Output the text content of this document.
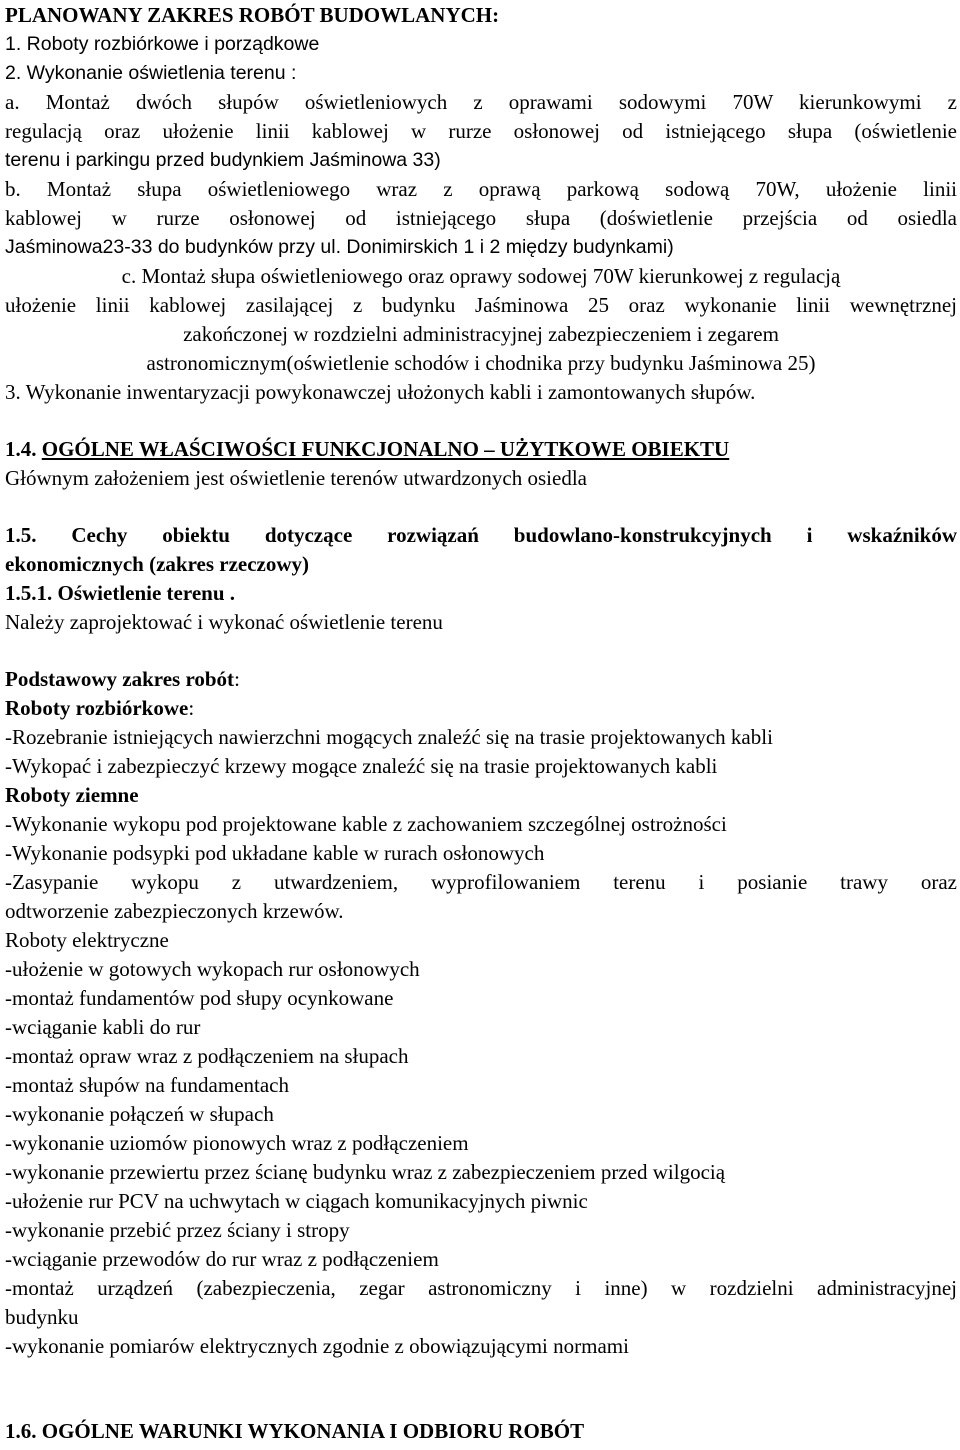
PLANOWANY ZAKRES ROBÓT BUDOWLANYCH:
1. Roboty rozbiórkowe i porządkowe
2. Wykonanie oświetlenia terenu :
a. Montaż dwóch słupów oświetleniowych z oprawami sodowymi 70W kierunkowymi z
regulacją oraz ułożenie linii kablowej w rurze osłonowej od istniejącego słupa (oświetlenie
terenu i parkingu przed budynkiem Jaśminowa 33)
b. Montaż słupa oświetleniowego wraz z oprawą parkową sodową 70W, ułożenie linii
kablowej w rurze osłonowej od istniejącego słupa (doświetlenie przejścia od osiedla
Jaśminowa23-33 do budynków przy ul. Donimirskich 1 i 2 między budynkami)
c. Montaż słupa oświetleniowego oraz oprawy sodowej 70W kierunkowej z regulacją
ułożenie linii kablowej zasilającej z budynku Jaśminowa 25 oraz wykonanie linii wewnętrznej
zakończonej w rozdzielni administracyjnej zabezpieczeniem i zegarem
astronomicznym(oświetlenie schodów i chodnika przy budynku Jaśminowa 25)
3. Wykonanie inwentaryzacji powykonawczej ułożonych kabli i zamontowanych słupów.
1.4. OGÓLNE WŁAŚCIWOŚCI FUNKCJONALNO – UŻYTKOWE OBIEKTU
Głównym założeniem jest oświetlenie terenów utwardzonych osiedla
1.5. Cechy obiektu dotyczące rozwiązań budowlano-konstrukcyjnych i wskaźników
ekonomicznych (zakres rzeczowy)
1.5.1. Oświetlenie terenu .
Należy zaprojektować i wykonać oświetlenie terenu
Podstawowy zakres robót:
Roboty rozbiórkowe:
-Rozebranie istniejących nawierzchni mogących znaleźć się na trasie projektowanych kabli
-Wykopać i zabezpieczyć krzewy mogące znaleźć się na trasie projektowanych kabli
Roboty ziemne
-Wykonanie wykopu pod projektowane kable z zachowaniem szczególnej ostrożności
-Wykonanie podsypki pod układane kable w rurach osłonowych
-Zasypanie wykopu z utwardzeniem, wyprofilowaniem terenu i posianie trawy oraz
odtworzenie zabezpieczonych krzewów.
Roboty elektryczne
-ułożenie w gotowych wykopach rur osłonowych
-montaż fundamentów pod słupy ocynkowane
-wciąganie kabli do rur
-montaż opraw wraz z podłączeniem na słupach
-montaż słupów na fundamentach
-wykonanie połączeń w słupach
-wykonanie uziomów pionowych wraz z podłączeniem
-wykonanie przewiertu przez ścianę budynku wraz z zabezpieczeniem przed wilgocią
-ułożenie rur PCV na uchwytach w ciągach komunikacyjnych piwnic
-wykonanie przebić przez ściany i stropy
-wciąganie przewodów do rur wraz z podłączeniem
-montaż urządzeń (zabezpieczenia, zegar astronomiczny i inne) w rozdzielni administracyjnej
budynku
-wykonanie pomiarów elektrycznych zgodnie z obowiązującymi normami
1.6. OGÓLNE WARUNKI WYKONANIA I ODBIORU ROBÓT
